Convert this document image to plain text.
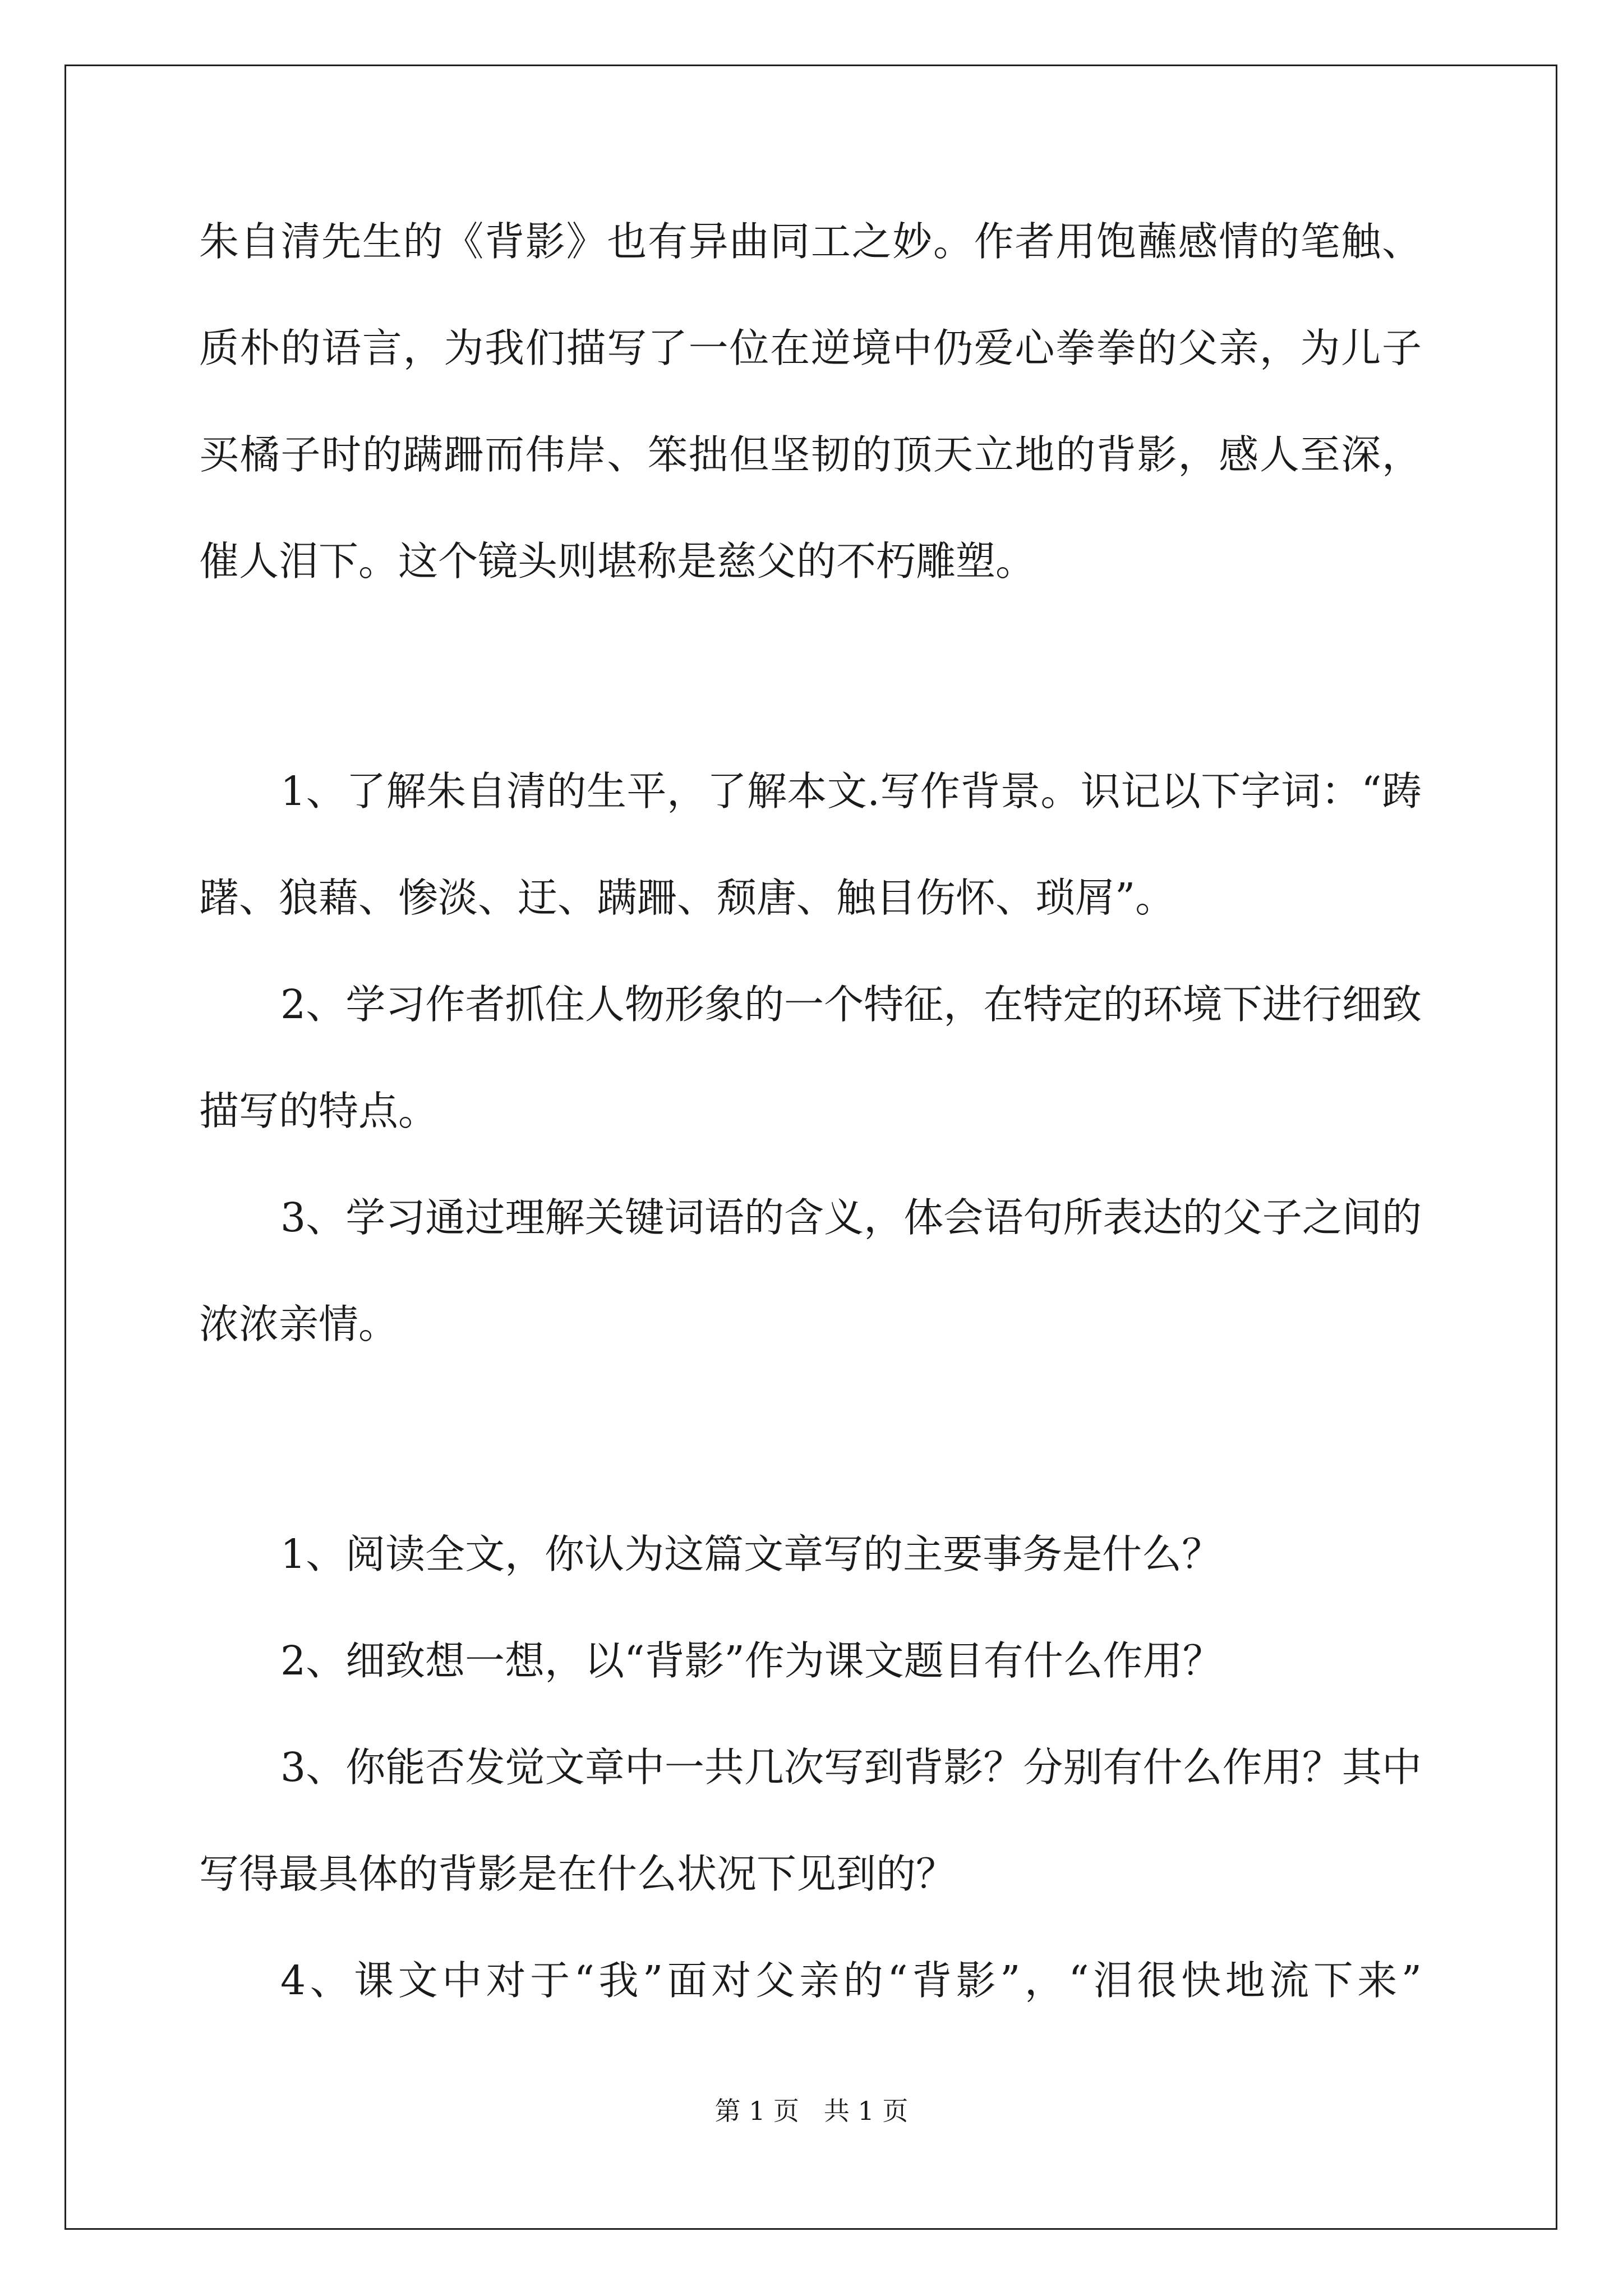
朱自清先生的《背影》也有异曲同工之妙。作者用饱蘸感情的笔触、
质朴的语言，为我们描写了一位在逆境中仍爱心拳拳的父亲，为儿子
买橘子时的蹒跚而伟岸、笨拙但坚韧的顶天立地的背影，感人至深，
催人泪下。这个镜头则堪称是慈父的不朽雕塑。
1、了解朱自清的生平，了解本文.写作背景。识记以下字词：“踌
躇、狼藉、惨淡、迂、蹒跚、颓唐、触目伤怀、琐屑”。
2、学习作者抓住人物形象的一个特征，在特定的环境下进行细致
描写的特点。
3、学习通过理解关键词语的含义，体会语句所表达的父子之间的
浓浓亲情。
1、阅读全文，你认为这篇文章写的主要事务是什么？
2、细致想一想，以“背影”作为课文题目有什么作用？
3、你能否发觉文章中一共几次写到背影？分别有什么作用？其中
写得最具体的背影是在什么状况下见到的？
4、课文中对于“我”面对父亲的“背影”，“泪很快地流下来”
第 1 页   共 1 页
